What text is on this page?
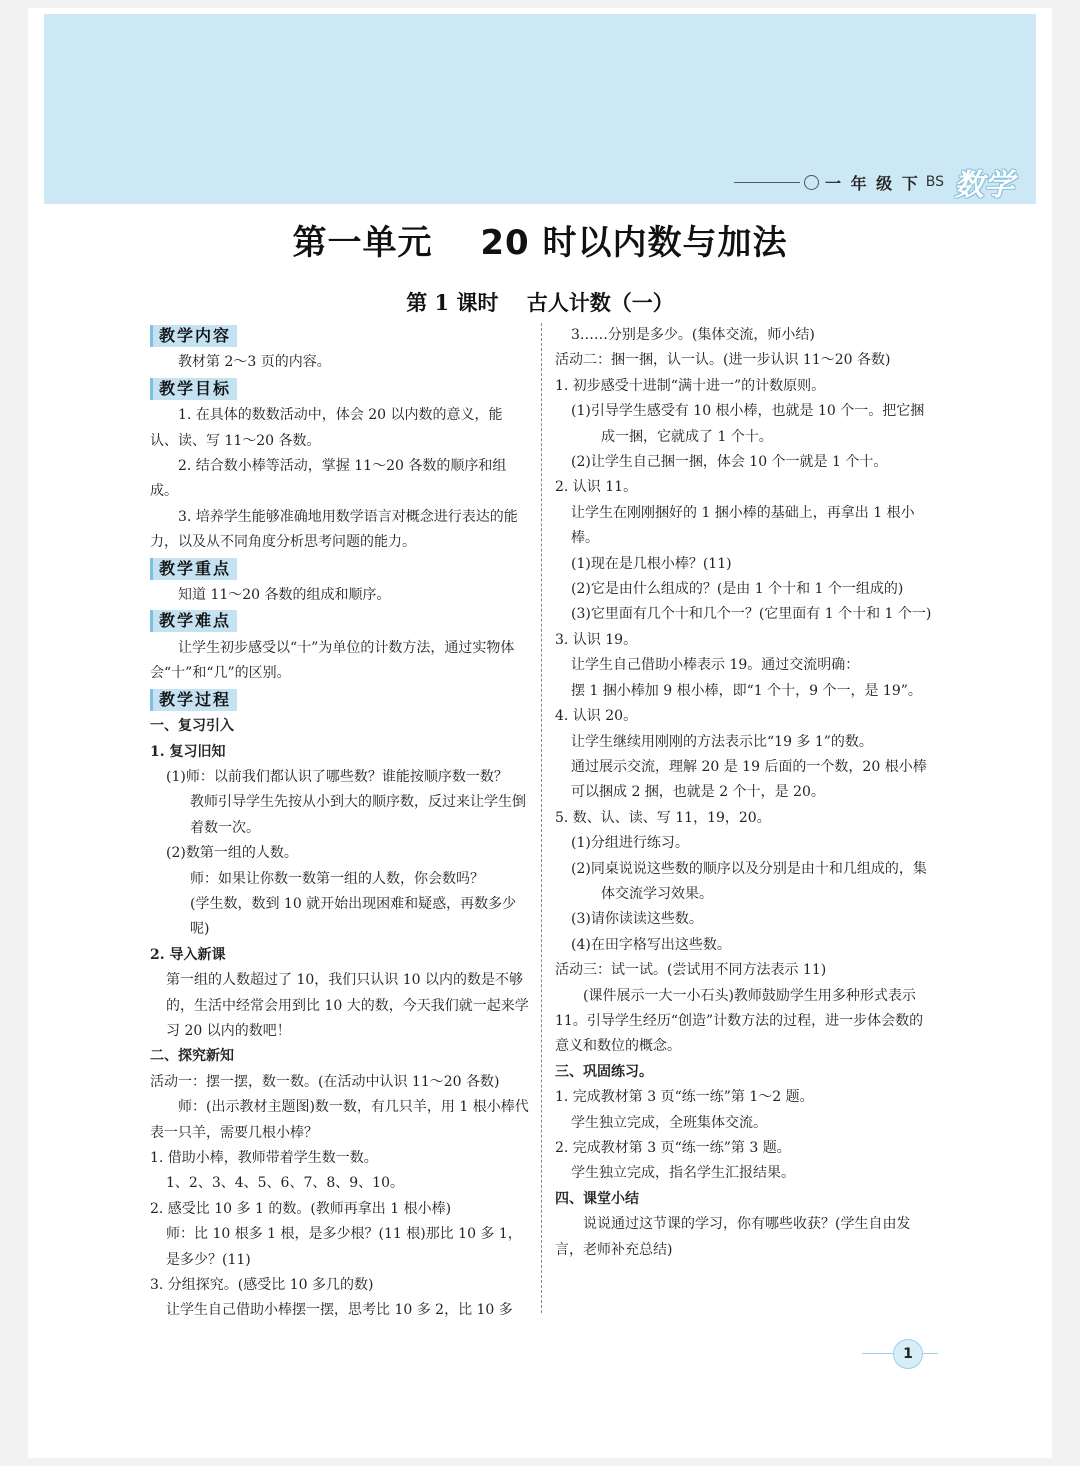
一 年 级 下 BS 数学
第一单元　 20 时以内数与加法
第 1 课时　 古人计数（一）
教学内容

教材第 2～3 页的内容。

教学目标

1. 在具体的数数活动中，体会 20 以内数的意义，能认、读、写 11～20 各数。

2. 结合数小棒等活动，掌握 11～20 各数的顺序和组成。

3. 培养学生能够准确地用数学语言对概念进行表达的能力，以及从不同角度分析思考问题的能力。

教学重点

知道 11～20 各数的组成和顺序。

教学难点

让学生初步感受以“十”为单位的计数方法，通过实物体会“十”和“几”的区别。

教学过程

一、复习引入

1. 复习旧知

(1)师：以前我们都认识了哪些数？谁能按顺序数一数？

教师引导学生先按从小到大的顺序数，反过来让学生倒着数一次。

(2)数第一组的人数。

师：如果让你数一数第一组的人数，你会数吗？

(学生数，数到 10 就开始出现困难和疑惑，再数多少呢)

2. 导入新课

第一组的人数超过了 10，我们只认识 10 以内的数是不够的，生活中经常会用到比 10 大的数，今天我们就一起来学习 20 以内的数吧！

二、探究新知

活动一：摆一摆，数一数。(在活动中认识 11～20 各数)

师：(出示教材主题图)数一数，有几只羊，用 1 根小棒代表一只羊，需要几根小棒？

1. 借助小棒，教师带着学生数一数。

1、2、3、4、5、6、7、8、9、10。

2. 感受比 10 多 1 的数。(教师再拿出 1 根小棒)

师：比 10 根多 1 根，是多少根？(11 根)那比 10 多 1，是多少？(11)

3. 分组探究。(感受比 10 多几的数)

让学生自己借助小棒摆一摆，思考比 10 多 2，比 10 多

3……分别是多少。(集体交流，师小结)

活动二：捆一捆，认一认。(进一步认识 11～20 各数)

1. 初步感受十进制“满十进一”的计数原则。

(1)引导学生感受有 10 根小棒，也就是 10 个一。把它捆成一捆，它就成了 1 个十。

(2)让学生自己捆一捆，体会 10 个一就是 1 个十。

2. 认识 11。

让学生在刚刚捆好的 1 捆小棒的基础上，再拿出 1 根小棒。

(1)现在是几根小棒？(11)

(2)它是由什么组成的？(是由 1 个十和 1 个一组成的)

(3)它里面有几个十和几个一？(它里面有 1 个十和 1 个一)

3. 认识 19。

让学生自己借助小棒表示 19。通过交流明确：

摆 1 捆小棒加 9 根小棒，即“1 个十，9 个一，是 19”。

4. 认识 20。

让学生继续用刚刚的方法表示比“19 多 1”的数。

通过展示交流，理解 20 是 19 后面的一个数，20 根小棒可以捆成 2 捆，也就是 2 个十，是 20。

5. 数、认、读、写 11，19，20。

(1)分组进行练习。

(2)同桌说说这些数的顺序以及分别是由十和几组成的，集体交流学习效果。

(3)请你读读这些数。

(4)在田字格写出这些数。

活动三：试一试。(尝试用不同方法表示 11)

(课件展示一大一小石头)教师鼓励学生用多种形式表示 11。引导学生经历“创造”计数方法的过程，进一步体会数的意义和数位的概念。

三、巩固练习。

1. 完成教材第 3 页“练一练”第 1～2 题。

学生独立完成，全班集体交流。

2. 完成教材第 3 页“练一练”第 3 题。

学生独立完成，指名学生汇报结果。

四、课堂小结

说说通过这节课的学习，你有哪些收获？(学生自由发言，老师补充总结)

1
